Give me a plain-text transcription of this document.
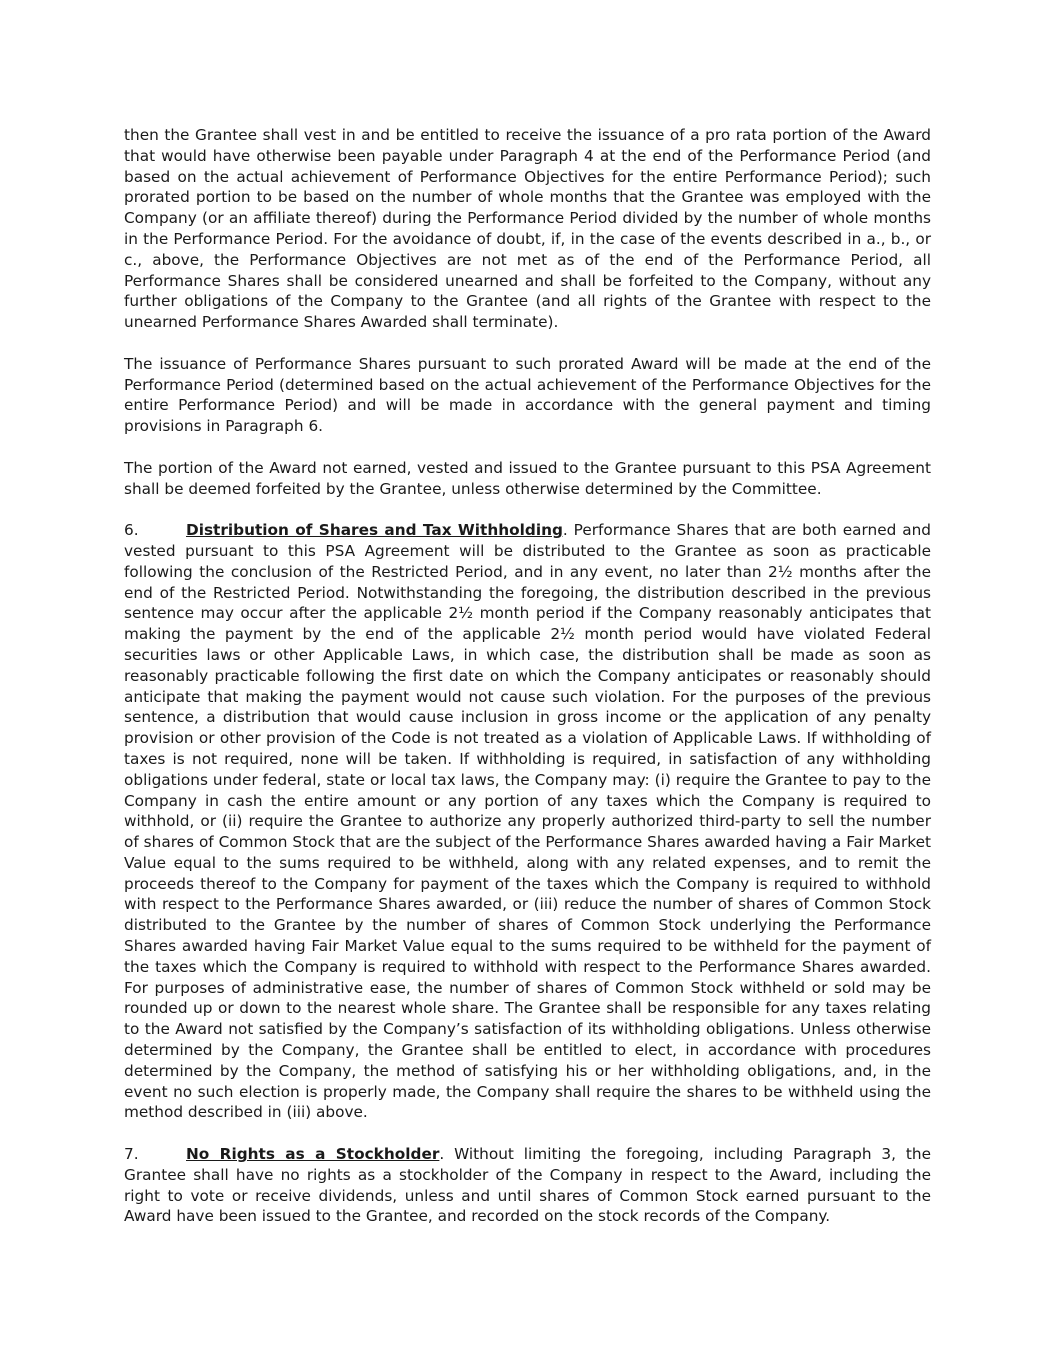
then the Grantee shall vest in and be entitled to receive the issuance of a pro rata portion of the Award that would have otherwise been payable under Paragraph 4 at the end of the Performance Period (and based on the actual achievement of Performance Objectives for the entire Performance Period); such prorated portion to be based on the number of whole months that the Grantee was employed with the Company (or an affiliate thereof) during the Performance Period divided by the number of whole months in the Performance Period. For the avoidance of doubt, if, in the case of the events described in a., b., or c., above, the Performance Objectives are not met as of the end of the Performance Period, all Performance Shares shall be considered unearned and shall be forfeited to the Company, without any further obligations of the Company to the Grantee (and all rights of the Grantee with respect to the unearned Performance Shares Awarded shall terminate).

The issuance of Performance Shares pursuant to such prorated Award will be made at the end of the Performance Period (determined based on the actual achievement of the Performance Objectives for the entire Performance Period) and will be made in accordance with the general payment and timing provisions in Paragraph 6.

The portion of the Award not earned, vested and issued to the Grantee pursuant to this PSA Agreement shall be deemed forfeited by the Grantee, unless otherwise determined by the Committee.

6.	Distribution of Shares and Tax Withholding. Performance Shares that are both earned and vested pursuant to this PSA Agreement will be distributed to the Grantee as soon as practicable following the conclusion of the Restricted Period, and in any event, no later than 2½ months after the end of the Restricted Period. Notwithstanding the foregoing, the distribution described in the previous sentence may occur after the applicable 2½ month period if the Company reasonably anticipates that making the payment by the end of the applicable 2½ month period would have violated Federal securities laws or other Applicable Laws, in which case, the distribution shall be made as soon as reasonably practicable following the first date on which the Company anticipates or reasonably should anticipate that making the payment would not cause such violation. For the purposes of the previous sentence, a distribution that would cause inclusion in gross income or the application of any penalty provision or other provision of the Code is not treated as a violation of Applicable Laws. If withholding of taxes is not required, none will be taken. If withholding is required, in satisfaction of any withholding obligations under federal, state or local tax laws, the Company may: (i) require the Grantee to pay to the Company in cash the entire amount or any portion of any taxes which the Company is required to withhold, or (ii) require the Grantee to authorize any properly authorized third-party to sell the number of shares of Common Stock that are the subject of the Performance Shares awarded having a Fair Market Value equal to the sums required to be withheld, along with any related expenses, and to remit the proceeds thereof to the Company for payment of the taxes which the Company is required to withhold with respect to the Performance Shares awarded, or (iii) reduce the number of shares of Common Stock distributed to the Grantee by the number of shares of Common Stock underlying the Performance Shares awarded having Fair Market Value equal to the sums required to be withheld for the payment of the taxes which the Company is required to withhold with respect to the Performance Shares awarded. For purposes of administrative ease, the number of shares of Common Stock withheld or sold may be rounded up or down to the nearest whole share. The Grantee shall be responsible for any taxes relating to the Award not satisfied by the Company’s satisfaction of its withholding obligations. Unless otherwise determined by the Company, the Grantee shall be entitled to elect, in accordance with procedures determined by the Company, the method of satisfying his or her withholding obligations, and, in the event no such election is properly made, the Company shall require the shares to be withheld using the method described in (iii) above.

7.	No Rights as a Stockholder. Without limiting the foregoing, including Paragraph 3, the Grantee shall have no rights as a stockholder of the Company in respect to the Award, including the right to vote or receive dividends, unless and until shares of Common Stock earned pursuant to the Award have been issued to the Grantee, and recorded on the stock records of the Company.
